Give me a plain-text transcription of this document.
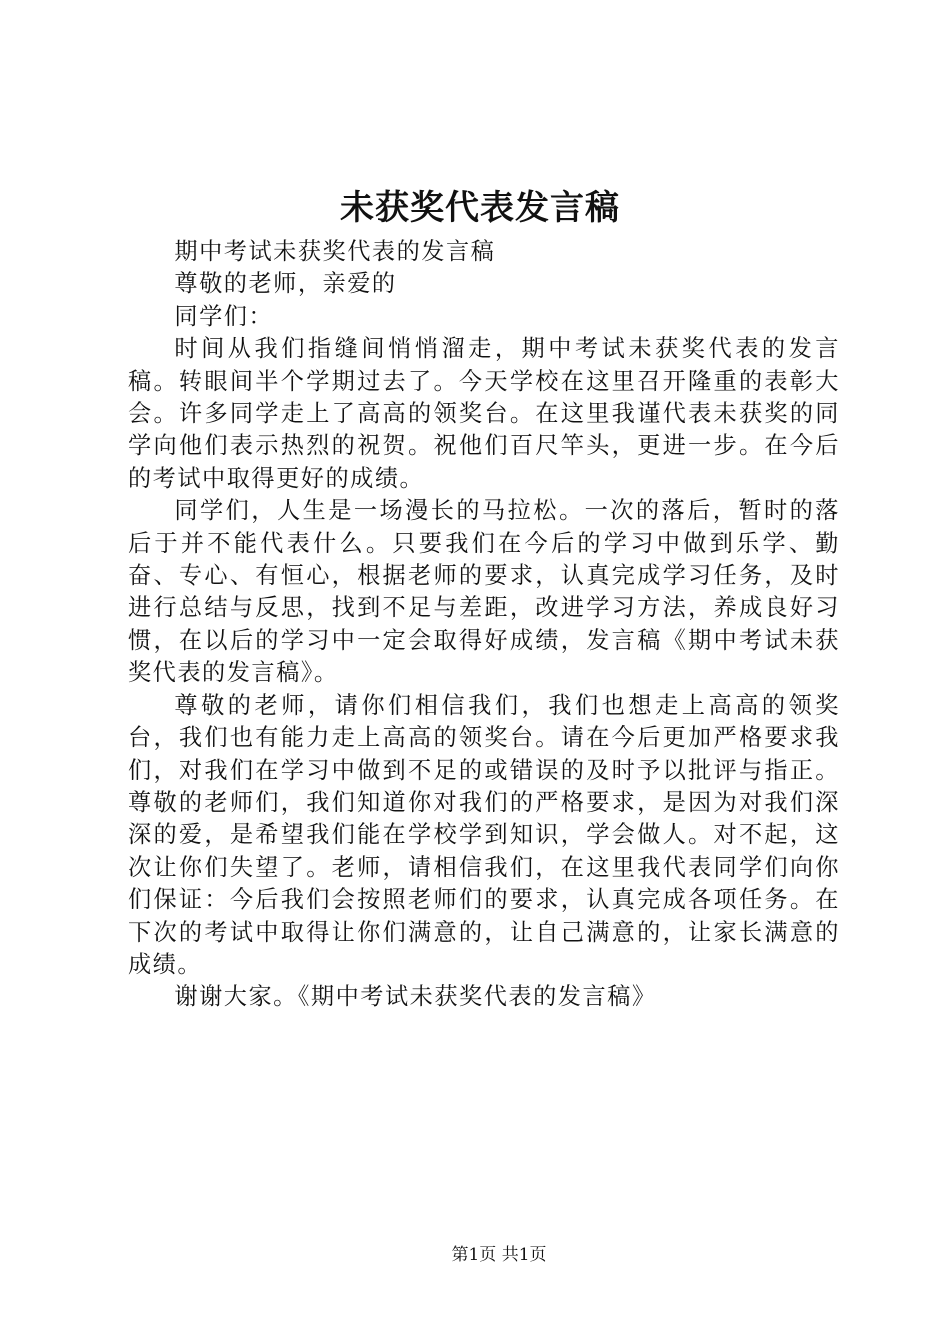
未获奖代表发言稿

期中考试未获奖代表的发言稿

尊敬的老师，亲爱的

同学们：

时间从我们指缝间悄悄溜走，期中考试未获奖代表的发言稿。转眼间半个学期过去了。今天学校在这里召开隆重的表彰大会。许多同学走上了高高的领奖台。在这里我谨代表未获奖的同学向他们表示热烈的祝贺。祝他们百尺竿头，更进一步。在今后的考试中取得更好的成绩。

同学们，人生是一场漫长的马拉松。一次的落后，暂时的落后于并不能代表什么。只要我们在今后的学习中做到乐学、勤奋、专心、有恒心，根据老师的要求，认真完成学习任务，及时进行总结与反思，找到不足与差距，改进学习方法，养成良好习惯，在以后的学习中一定会取得好成绩，发言稿《期中考试未获奖代表的发言稿》。

尊敬的老师，请你们相信我们，我们也想走上高高的领奖台，我们也有能力走上高高的领奖台。请在今后更加严格要求我们，对我们在学习中做到不足的或错误的及时予以批评与指正。尊敬的老师们，我们知道你对我们的严格要求，是因为对我们深深的爱，是希望我们能在学校学到知识，学会做人。对不起，这次让你们失望了。老师，请相信我们，在这里我代表同学们向你们保证：今后我们会按照老师们的要求，认真完成各项任务。在下次的考试中取得让你们满意的，让自己满意的，让家长满意的成绩。

谢谢大家。《期中考试未获奖代表的发言稿》

第1页 共1页
